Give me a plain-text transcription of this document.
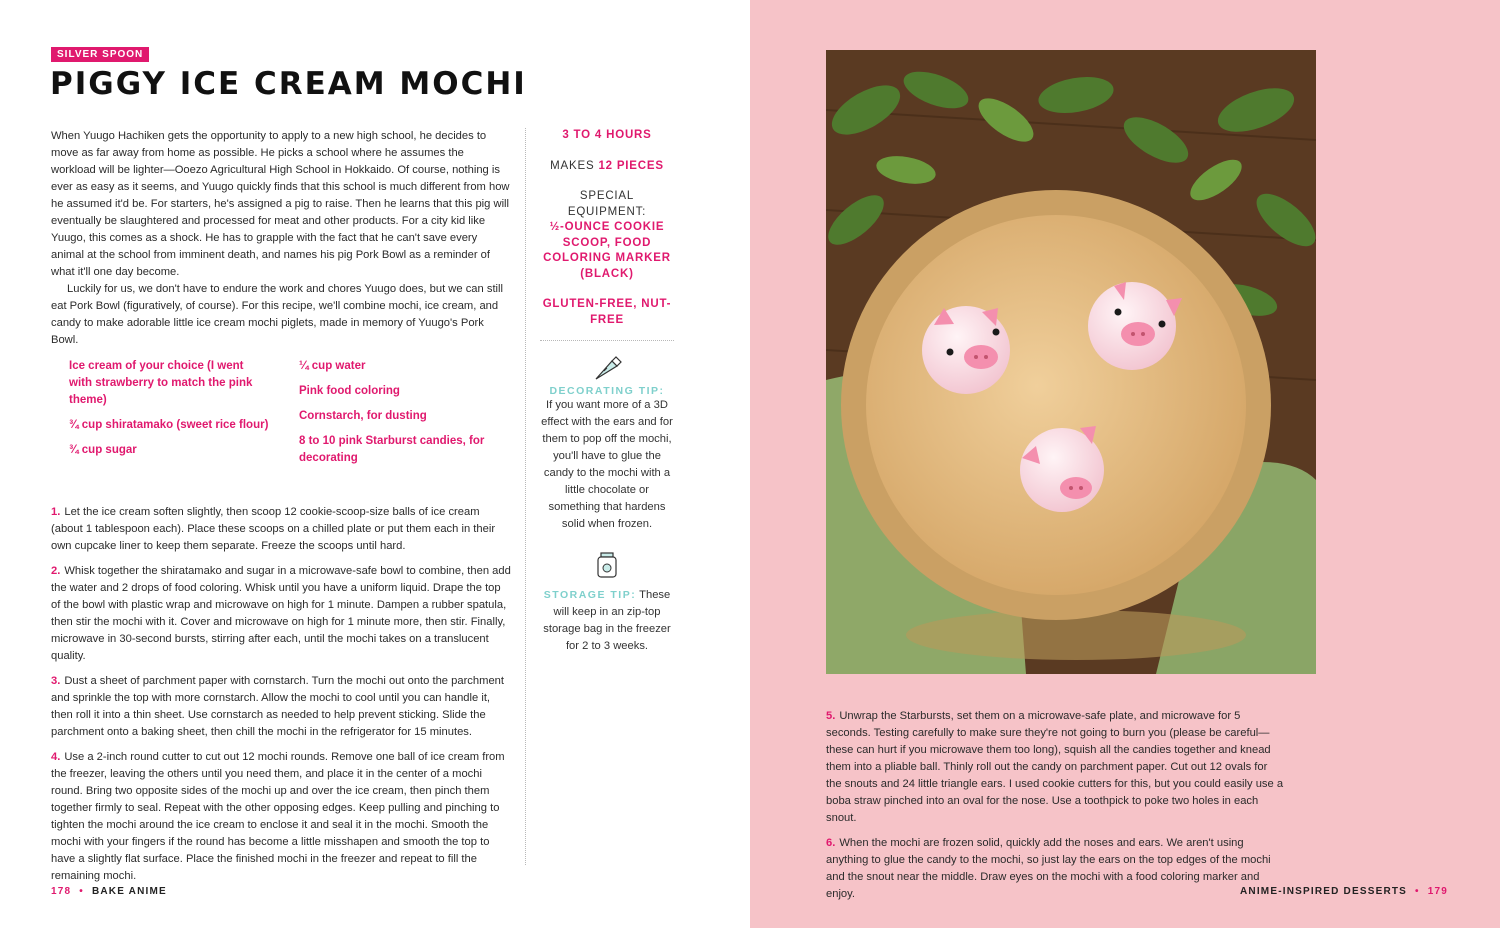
SILVER SPOON
PIGGY ICE CREAM MOCHI

When Yuugo Hachiken gets the opportunity to apply to a new high school, he decides to move as far away from home as possible. He picks a school where he assumes the workload will be lighter—Ooezo Agricultural High School in Hokkaido. Of course, nothing is ever as easy as it seems, and Yuugo quickly finds that this school is much different from how he assumed it'd be. For starters, he's assigned a pig to raise. Then he learns that this pig will eventually be slaughtered and processed for meat and other products. For a city kid like Yuugo, this comes as a shock. He has to grapple with the fact that he can't save every animal at the school from imminent death, and names his pig Pork Bowl as a reminder of what it'll one day become.

Luckily for us, we don't have to endure the work and chores Yuugo does, but we can still eat Pork Bowl (figuratively, of course). For this recipe, we'll combine mochi, ice cream, and candy to make adorable little ice cream mochi piglets, made in memory of Yuugo's Pork Bowl.

Ice cream of your choice (I went with strawberry to match the pink theme)

¾ cup shiratamako (sweet rice flour)

¾ cup sugar

¼ cup water

Pink food coloring

Cornstarch, for dusting

8 to 10 pink Starburst candies, for decorating

1. Let the ice cream soften slightly, then scoop 12 cookie-scoop-size balls of ice cream (about 1 tablespoon each). Place these scoops on a chilled plate or put them each in their own cupcake liner to keep them separate. Freeze the scoops until hard.

2. Whisk together the shiratamako and sugar in a microwave-safe bowl to combine, then add the water and 2 drops of food coloring. Whisk until you have a uniform liquid. Drape the top of the bowl with plastic wrap and microwave on high for 1 minute. Dampen a rubber spatula, then stir the mochi with it. Cover and microwave on high for 1 minute more, then stir. Finally, microwave in 30-second bursts, stirring after each, until the mochi takes on a translucent quality.

3. Dust a sheet of parchment paper with cornstarch. Turn the mochi out onto the parchment and sprinkle the top with more cornstarch. Allow the mochi to cool until you can handle it, then roll it into a thin sheet. Use cornstarch as needed to help prevent sticking. Slide the parchment onto a baking sheet, then chill the mochi in the refrigerator for 15 minutes.

4. Use a 2-inch round cutter to cut out 12 mochi rounds. Remove one ball of ice cream from the freezer, leaving the others until you need them, and place it in the center of a mochi round. Bring two opposite sides of the mochi up and over the ice cream, then pinch them together firmly to seal. Repeat with the other opposing edges. Keep pulling and pinching to tighten the mochi around the ice cream to enclose it and seal it in the mochi. Smooth the mochi with your fingers if the round has become a little misshapen and smooth the top to have a slightly flat surface. Place the finished mochi in the freezer and repeat to fill the remaining mochi.

3 TO 4 HOURS
MAKES 12 PIECES
SPECIAL EQUIPMENT:
½-OUNCE COOKIE SCOOP, FOOD COLORING MARKER (BLACK)
GLUTEN-FREE, NUT-FREE
DECORATING TIP:
If you want more of a 3D effect with the ears and for them to pop off the mochi, you'll have to glue the candy to the mochi with a little chocolate or something that hardens solid when frozen.
STORAGE TIP: These will keep in an zip-top storage bag in the freezer for 2 to 3 weeks.

5. Unwrap the Starbursts, set them on a microwave-safe plate, and microwave for 5 seconds. Testing carefully to make sure they're not going to burn you (please be careful—these can hurt if you microwave them too long), squish all the candies together and knead them into a pliable ball. Thinly roll out the candy on parchment paper. Cut out 12 ovals for the snouts and 24 little triangle ears. I used cookie cutters for this, but you could easily use a boba straw pinched into an oval for the nose. Use a toothpick to poke two holes in each snout.

6. When the mochi are frozen solid, quickly add the noses and ears. We aren't using anything to glue the candy to the mochi, so just lay the ears on the top edges of the mochi and the snout near the middle. Draw eyes on the mochi with a food coloring marker and enjoy.

178  •  BAKE ANIME	ANIME-INSPIRED DESSERTS  •  179
